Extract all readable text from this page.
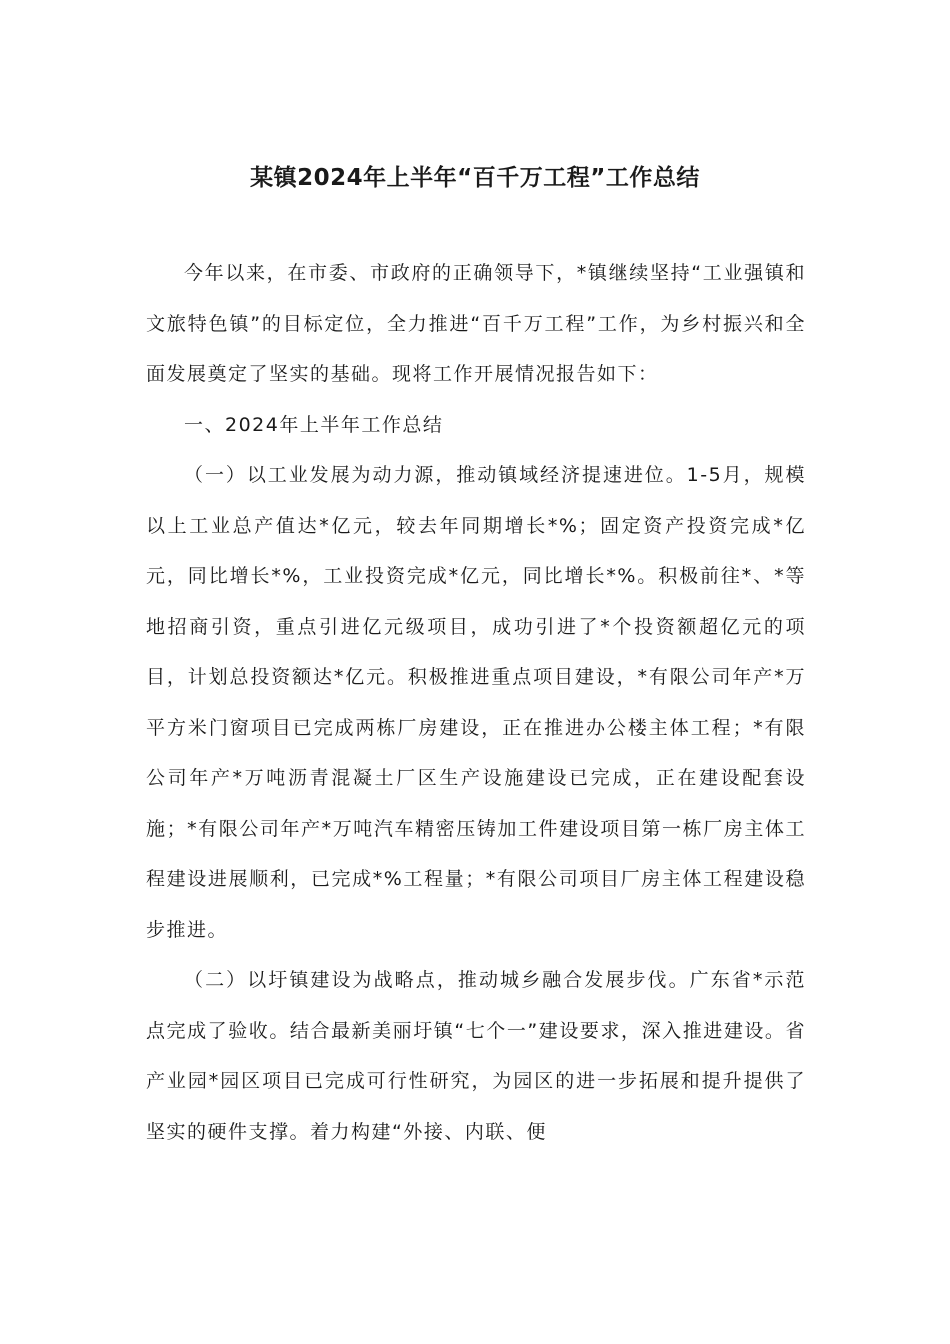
某镇2024年上半年“百千万工程”工作总结

今年以来，在市委、市政府的正确领导下，*镇继续坚持“工业强镇和文旅特色镇”的目标定位，全力推进“百千万工程”工作，为乡村振兴和全面发展奠定了坚实的基础。现将工作开展情况报告如下：

一、2024年上半年工作总结

（一）以工业发展为动力源，推动镇域经济提速进位。1-5月，规模以上工业总产值达*亿元，较去年同期增长*%；固定资产投资完成*亿元，同比增长*%，工业投资完成*亿元，同比增长*%。积极前往*、*等地招商引资，重点引进亿元级项目，成功引进了*个投资额超亿元的项目，计划总投资额达*亿元。积极推进重点项目建设，*有限公司年产*万平方米门窗项目已完成两栋厂房建设，正在推进办公楼主体工程；*有限公司年产*万吨沥青混凝土厂区生产设施建设已完成，正在建设配套设施；*有限公司年产*万吨汽车精密压铸加工件建设项目第一栋厂房主体工程建设进展顺利，已完成*%工程量；*有限公司项目厂房主体工程建设稳步推进。

（二）以圩镇建设为战略点，推动城乡融合发展步伐。广东省*示范点完成了验收。结合最新美丽圩镇“七个一”建设要求，深入推进建设。省产业园*园区项目已完成可行性研究，为园区的进一步拓展和提升提供了坚实的硬件支撑。着力构建“外接、内联、便
